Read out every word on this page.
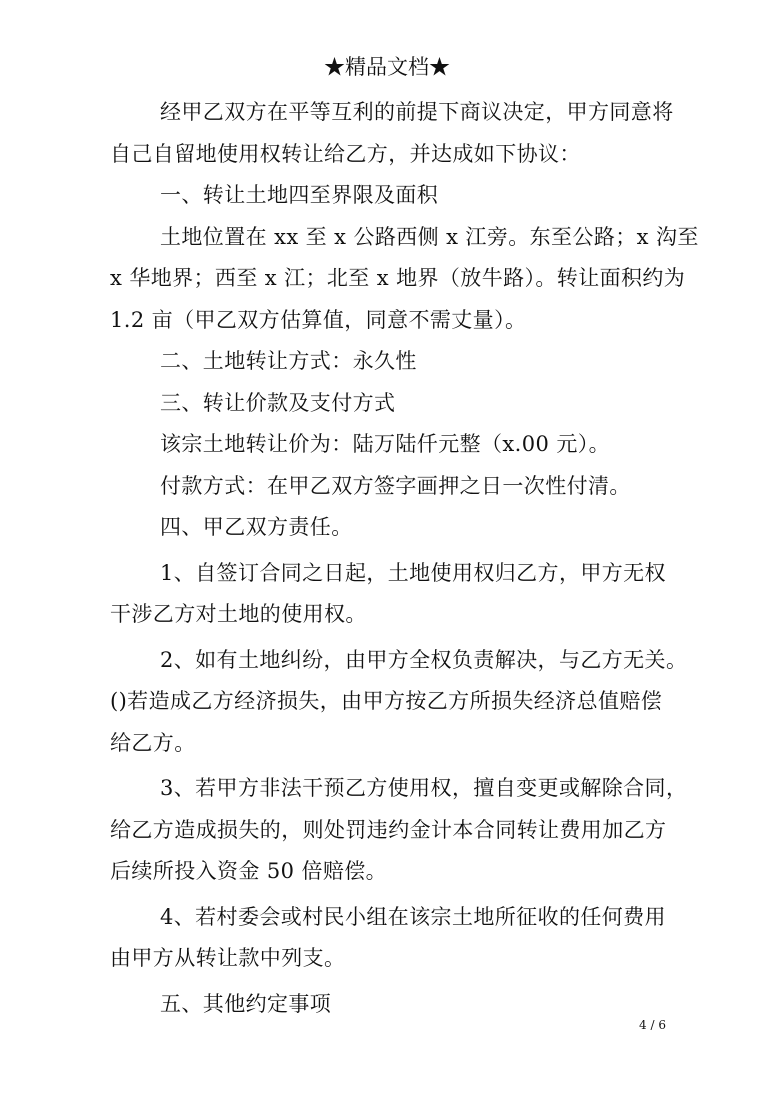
★精品文档★
经甲乙双方在平等互利的前提下商议决定，甲方同意将
自己自留地使用权转让给乙方，并达成如下协议：
一、转让土地四至界限及面积
土地位置在 xx 至 x 公路西侧 x 江旁。东至公路；x 沟至
x 华地界；西至 x 江；北至 x 地界（放牛路）。转让面积约为
1.2 亩（甲乙双方估算值，同意不需丈量）。
二、土地转让方式：永久性
三、转让价款及支付方式
该宗土地转让价为：陆万陆仟元整（x.00 元）。
付款方式：在甲乙双方签字画押之日一次性付清。
四、甲乙双方责任。
1、自签订合同之日起，土地使用权归乙方，甲方无权
干涉乙方对土地的使用权。
2、如有土地纠纷，由甲方全权负责解决，与乙方无关。
()若造成乙方经济损失，由甲方按乙方所损失经济总值赔偿
给乙方。
3、若甲方非法干预乙方使用权，擅自变更或解除合同，
给乙方造成损失的，则处罚违约金计本合同转让费用加乙方
后续所投入资金 50 倍赔偿。
4、若村委会或村民小组在该宗土地所征收的任何费用
由甲方从转让款中列支。
五、其他约定事项
4 / 6
